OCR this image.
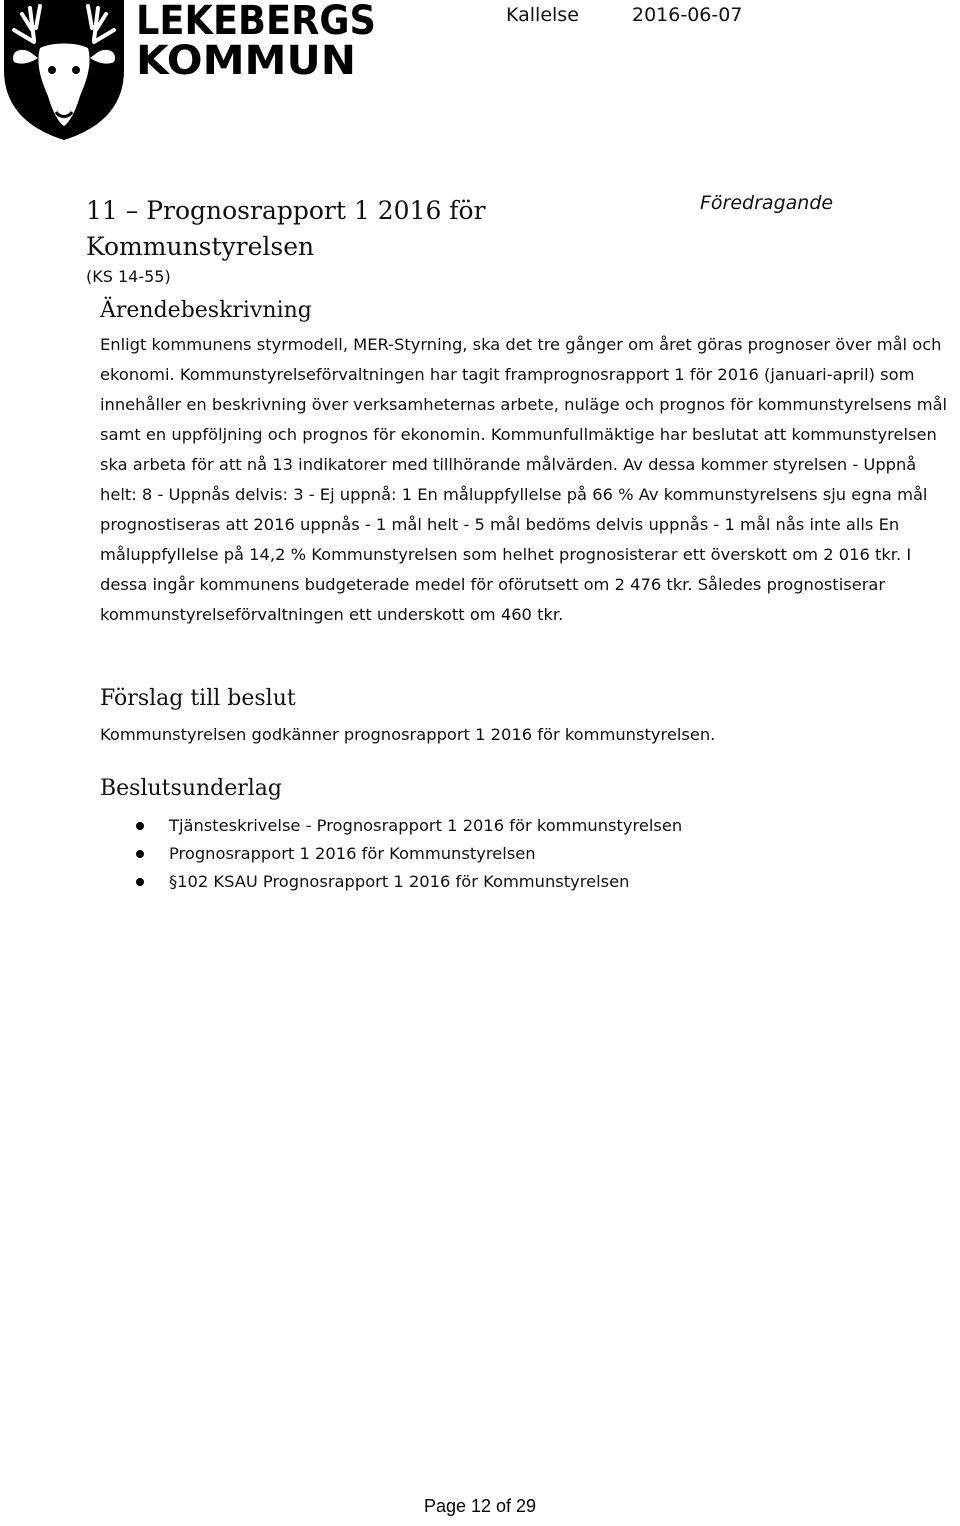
LEKEBERGS
KOMMUN
Kallelse	2016-06-07
11 – Prognosrapport 1 2016 för Kommunstyrelsen
(KS 14-55)
Föredragande
Ärendebeskrivning

Enligt kommunens styrmodell, MER-Styrning, ska det tre gånger om året göras prognoser över mål och ekonomi. Kommunstyrelseförvaltningen har tagit framprognosrapport 1 för 2016 (januari-april) som innehåller en beskrivning över verksamheternas arbete, nuläge och prognos för kommunstyrelsens mål samt en uppföljning och prognos för ekonomin. Kommunfullmäktige har beslutat att kommunstyrelsen ska arbeta för att nå 13 indikatorer med tillhörande målvärden. Av dessa kommer styrelsen - Uppnå helt: 8 - Uppnås delvis: 3 - Ej uppnå: 1 En måluppfyllelse på 66 % Av kommunstyrelsens sju egna mål prognostiseras att 2016 uppnås - 1 mål helt - 5 mål bedöms delvis uppnås - 1 mål nås inte alls En måluppfyllelse på 14,2 % Kommunstyrelsen som helhet prognosisterar ett överskott om 2 016 tkr. I dessa ingår kommunens budgeterade medel för oförutsett om 2 476 tkr. Således prognostiserar kommunstyrelseförvaltningen ett underskott om 460 tkr.

Förslag till beslut

Kommunstyrelsen godkänner prognosrapport 1 2016 för kommunstyrelsen.

Beslutsunderlag
Tjänsteskrivelse - Prognosrapport 1 2016 för kommunstyrelsen
Prognosrapport 1 2016 för Kommunstyrelsen
§102 KSAU Prognosrapport 1 2016 för Kommunstyrelsen
Page 12 of 29
